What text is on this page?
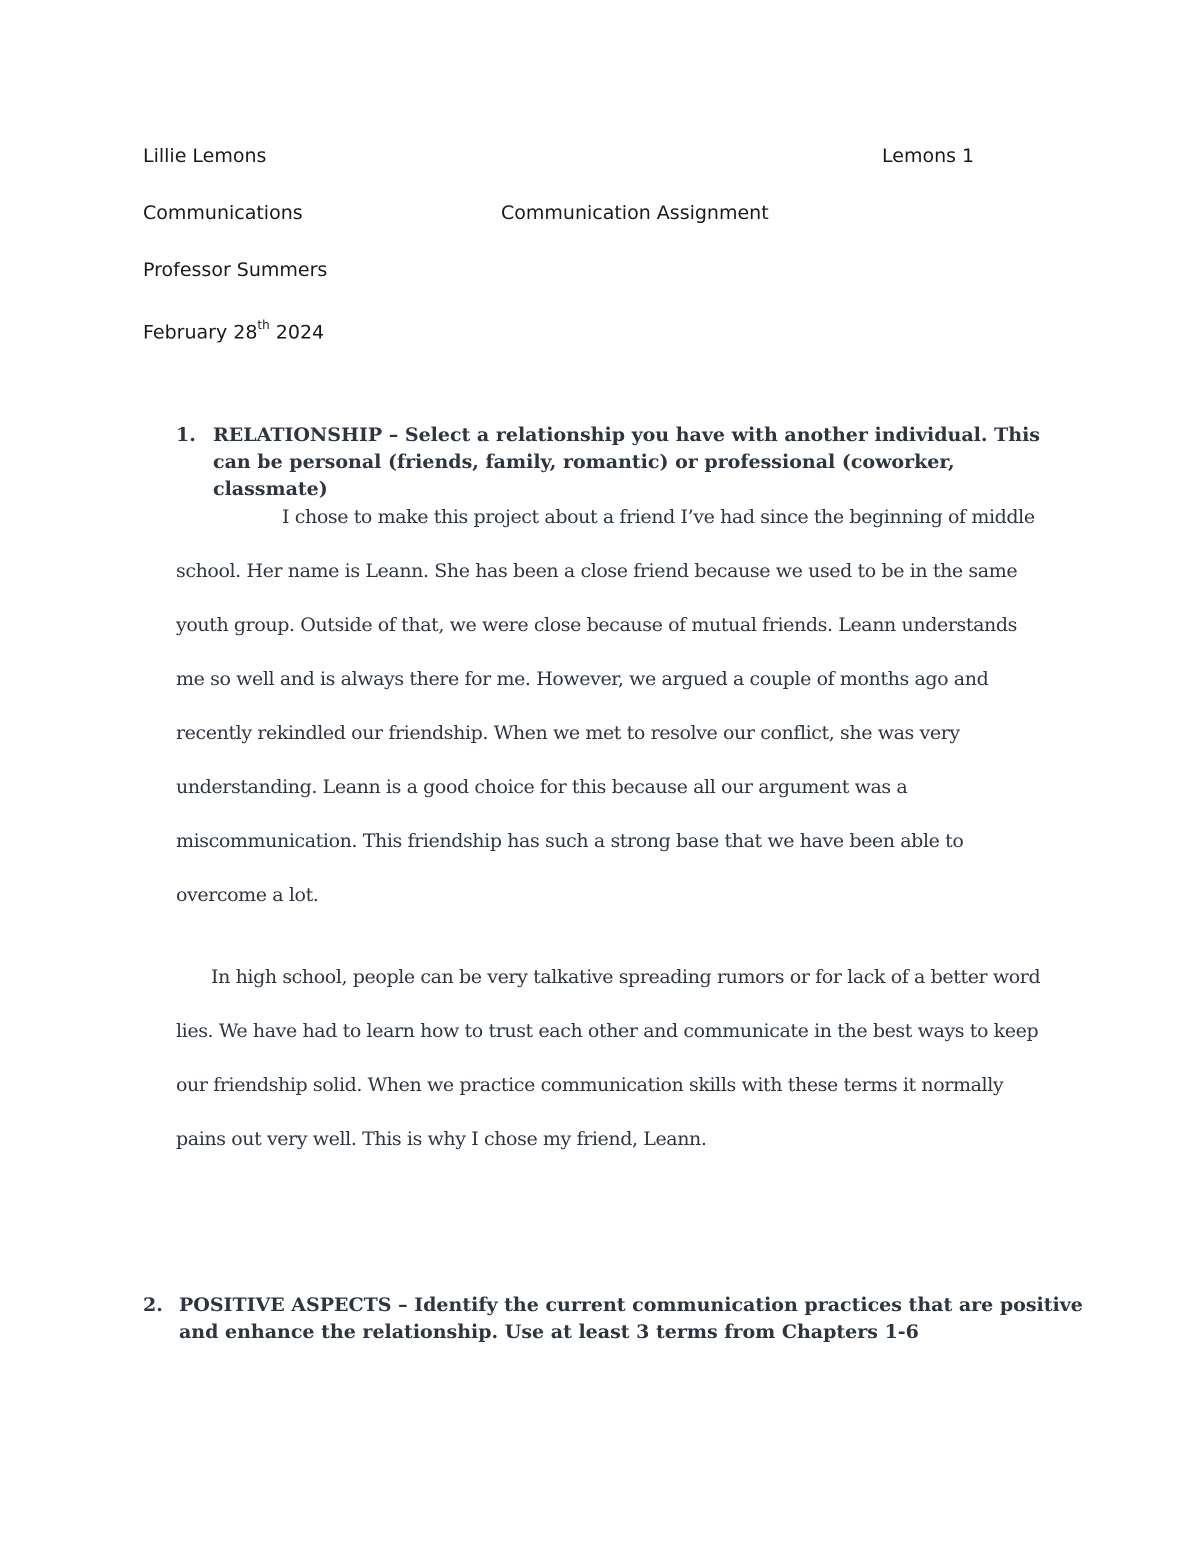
Lillie Lemons	Lemons 1
Communications	Communication Assignment
Professor Summers
February 28th 2024
1. RELATIONSHIP – Select a relationship you have with another individual. This can be personal (friends, family, romantic) or professional (coworker, classmate)
I chose to make this project about a friend I’ve had since the beginning of middle
school. Her name is Leann. She has been a close friend because we used to be in the same
youth group. Outside of that, we were close because of mutual friends. Leann understands
me so well and is always there for me. However, we argued a couple of months ago and
recently rekindled our friendship. When we met to resolve our conflict, she was very
understanding. Leann is a good choice for this because all our argument was a
miscommunication. This friendship has such a strong base that we have been able to
overcome a lot.
In high school, people can be very talkative spreading rumors or for lack of a better word
lies. We have had to learn how to trust each other and communicate in the best ways to keep
our friendship solid. When we practice communication skills with these terms it normally
pains out very well. This is why I chose my friend, Leann.
2. POSITIVE ASPECTS – Identify the current communication practices that are positive and enhance the relationship. Use at least 3 terms from Chapters 1-6
